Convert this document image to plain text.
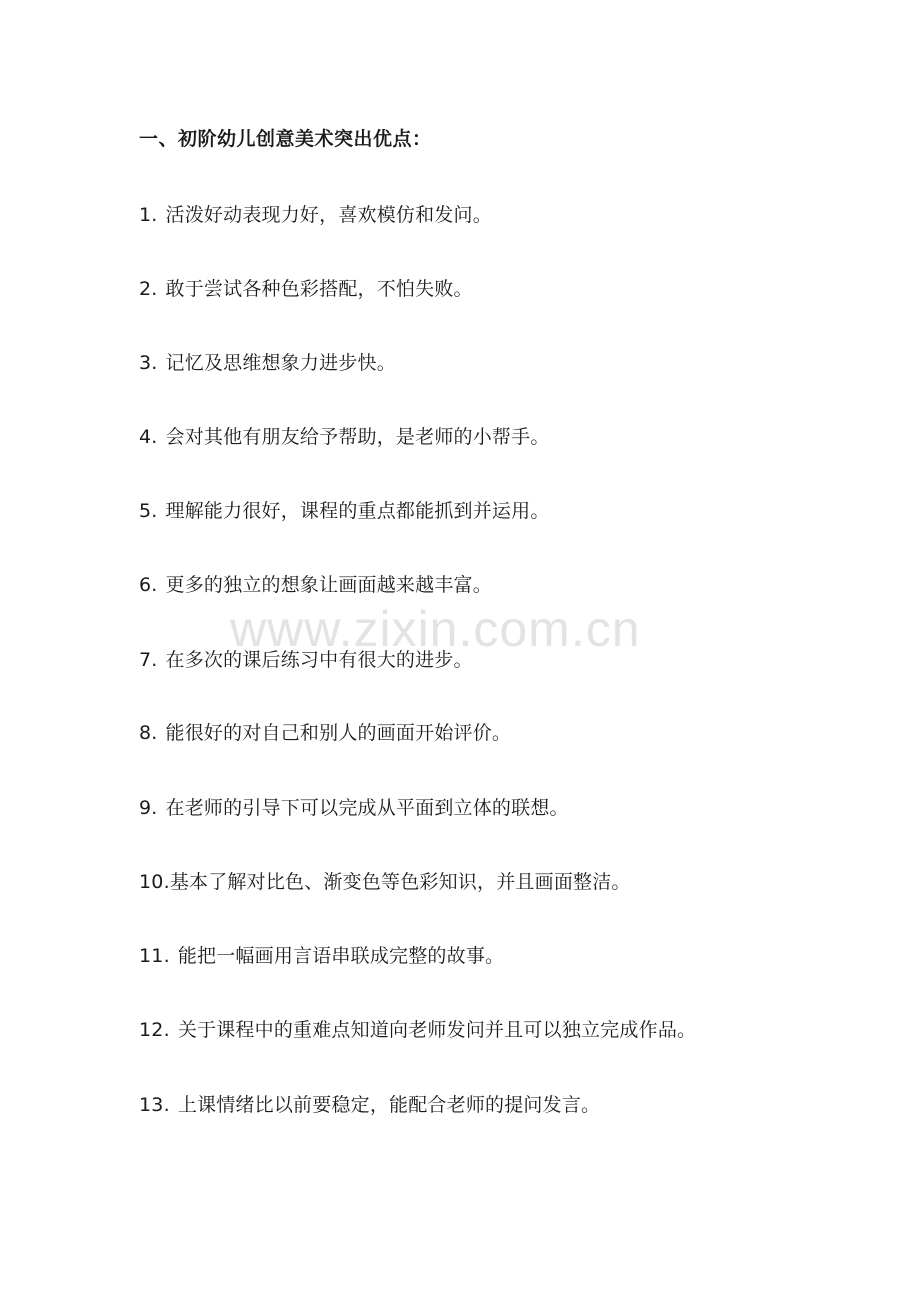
一、初阶幼儿创意美术突出优点：
1. 活泼好动表现力好，喜欢模仿和发问。
2. 敢于尝试各种色彩搭配，不怕失败。
3. 记忆及思维想象力进步快。
4. 会对其他有朋友给予帮助，是老师的小帮手。
5. 理解能力很好，课程的重点都能抓到并运用。
6. 更多的独立的想象让画面越来越丰富。
7. 在多次的课后练习中有很大的进步。
8. 能很好的对自己和别人的画面开始评价。
9. 在老师的引导下可以完成从平面到立体的联想。
10.基本了解对比色、渐变色等色彩知识，并且画面整洁。
11. 能把一幅画用言语串联成完整的故事。
12. 关于课程中的重难点知道向老师发问并且可以独立完成作品。
13. 上课情绪比以前要稳定，能配合老师的提问发言。
www.zixin.com.cn
